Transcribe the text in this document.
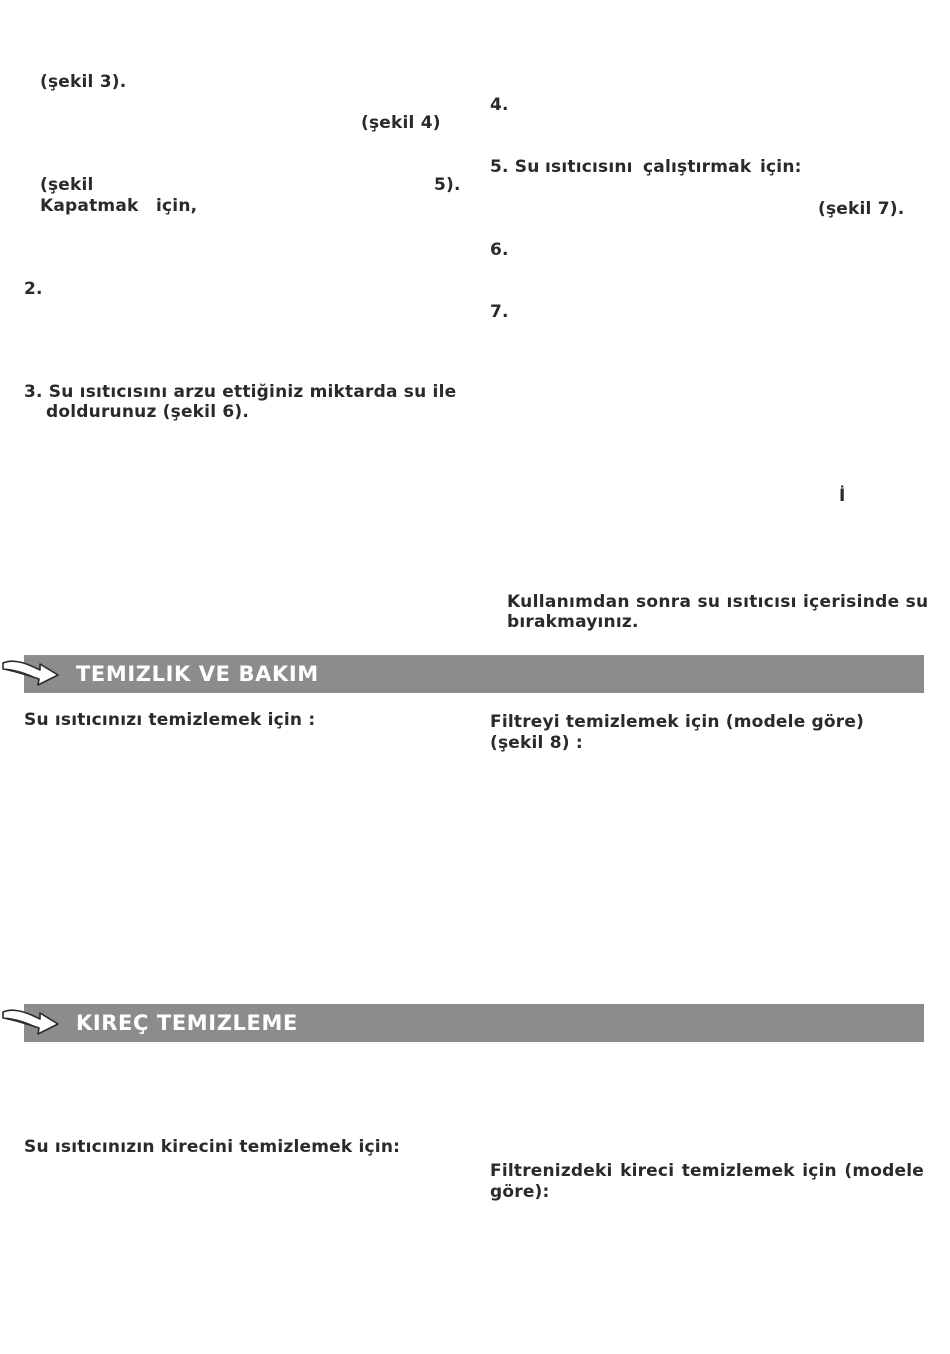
(şekil 3).
(şekil 4)
(şekil	5).
Kapatmak için,
2.
3. Su ısıtıcısını arzu ettiğiniz miktarda su ile
doldurunuz (şekil 6).
4.
5. Su ısıtıcısını çalıştırmak için:
(şekil 7).
6.
7.
İ
Kullanımdan sonra su ısıtıcısı içerisinde su
bırakmayınız.
TEMIZLIK VE BAKIM
Su ısıtıcınızı temizlemek için :	Filtreyi temizlemek için (modele göre)
(şekil 8) :
KIREÇ TEMIZLEME
Su ısıtıcınızın kirecini temizlemek için:
Filtrenizdeki kireci temizlemek için (modele
göre):
